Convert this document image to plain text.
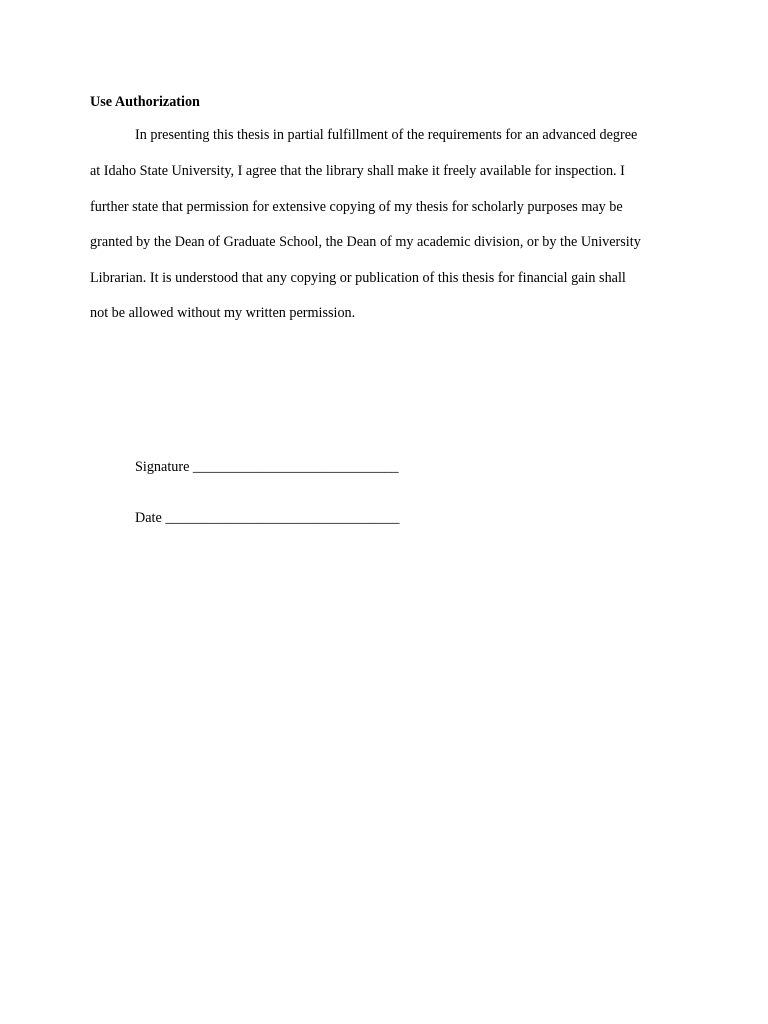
Use Authorization
In presenting this thesis in partial fulfillment of the requirements for an advanced degree
at Idaho State University, I agree that the library shall make it freely available for inspection. I
further state that permission for extensive copying of my thesis for scholarly purposes may be
granted by the Dean of Graduate School, the Dean of my academic division, or by the University
Librarian. It is understood that any copying or publication of this thesis for financial gain shall
not be allowed without my written permission.
Signature _____________________________
Date _________________________________
